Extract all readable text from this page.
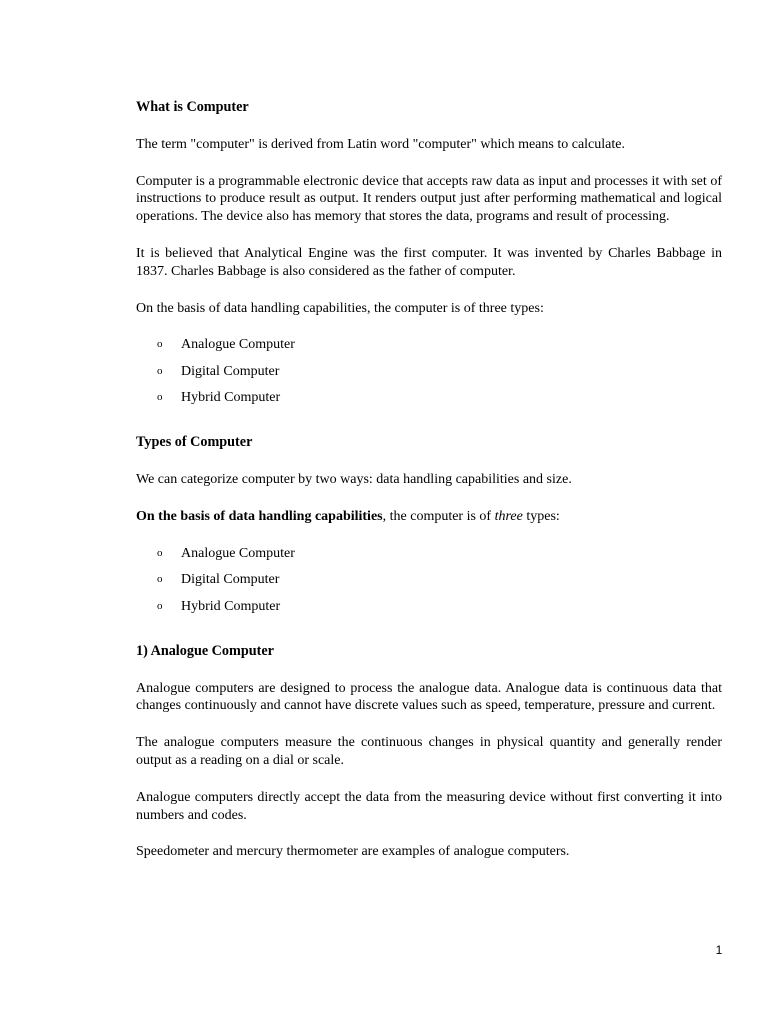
What is Computer

The term "computer" is derived from Latin word "computer" which means to calculate.

Computer is a programmable electronic device that accepts raw data as input and processes it with set of instructions to produce result as output. It renders output just after performing mathematical and logical operations. The device also has memory that stores the data, programs and result of processing.

It is believed that Analytical Engine was the first computer. It was invented by Charles Babbage in 1837. Charles Babbage is also considered as the father of computer.

On the basis of data handling capabilities, the computer is of three types:

o Analogue Computer
o Digital Computer
o Hybrid Computer

Types of Computer

We can categorize computer by two ways: data handling capabilities and size.

On the basis of data handling capabilities, the computer is of three types:

o Analogue Computer
o Digital Computer
o Hybrid Computer

1) Analogue Computer

Analogue computers are designed to process the analogue data. Analogue data is continuous data that changes continuously and cannot have discrete values such as speed, temperature, pressure and current.

The analogue computers measure the continuous changes in physical quantity and generally render output as a reading on a dial or scale.

Analogue computers directly accept the data from the measuring device without first converting it into numbers and codes.

Speedometer and mercury thermometer are examples of analogue computers.

1
